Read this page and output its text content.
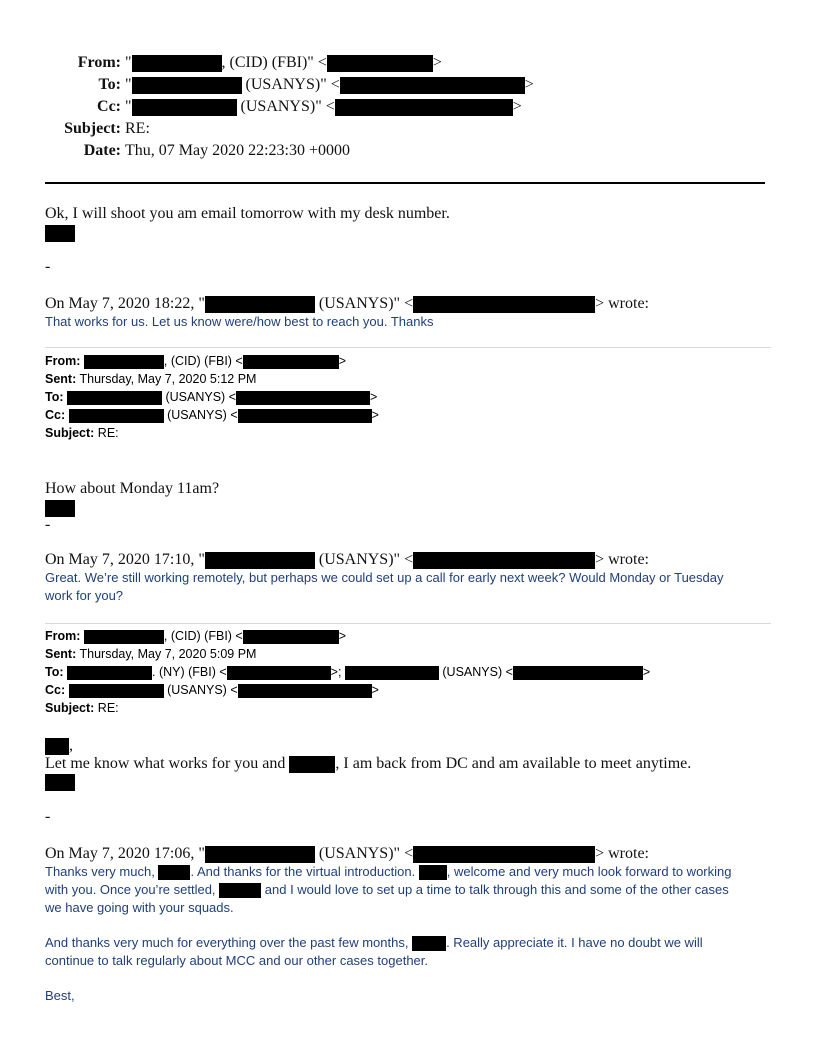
From: "	, (CID) (FBI)" <	>
To: "	(USANYS)" <	>
Cc: "	(USANYS)" <	>
Subject: RE:
Date: Thu, 07 May 2020 22:23:30 +0000
Ok, I will shoot you am email tomorrow with my desk number.
-
On May 7, 2020 18:22, "	(USANYS)" <	> wrote:
That works for us. Let us know were/how best to reach you. Thanks
From:	, (CID) (FBI) <	>
Sent: Thursday, May 7, 2020 5:12 PM
To:	(USANYS) <	>
Cc:	(USANYS) <	>
Subject: RE:
How about Monday 11am?
-
On May 7, 2020 17:10, "	(USANYS)" <	> wrote:
Great. We’re still working remotely, but perhaps we could set up a call for early next week? Would Monday or Tuesday
work for you?
From:	, (CID) (FBI) <	>
Sent: Thursday, May 7, 2020 5:09 PM
To:	. (NY) (FBI) <	>;	(USANYS) <	>
Cc:	(USANYS) <	>
Subject: RE:
,
Let me know what works for you and	, I am back from DC and am available to meet anytime.
-
On May 7, 2020 17:06, "	(USANYS)" <	> wrote:
Thanks very much, . And thanks for the virtual introduction. , welcome and very much look forward to working
with you. Once you’re settled,	and I would love to set up a time to talk through this and some of the other cases
we have going with your squads.
And thanks very much for everything over the past few months,	. Really appreciate it. I have no doubt we will
continue to talk regularly about MCC and our other cases together.
Best,
